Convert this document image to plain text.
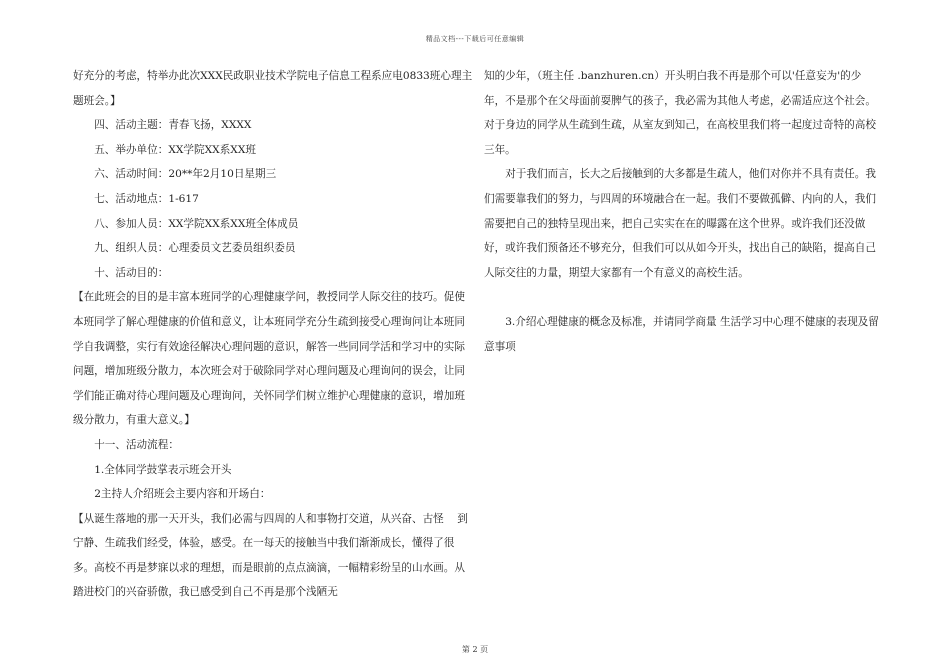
精品文档---下载后可任意编辑

好充分的考虑，特举办此次XXX民政职业技术学院电子信息工程系应电0833班心理主题班会。】

四、活动主题：青春飞扬，XXXX

五、举办单位：XX学院XX系XX班

六、活动时间：20**年2月10日星期三

七、活动地点：1-617

八、参加人员：XX学院XX系XX班全体成员

九、组织人员：心理委员文艺委员组织委员

十、活动目的：

【在此班会的目的是丰富本班同学的心理健康学问，教授同学人际交往的技巧。促使本班同学了解心理健康的价值和意义，让本班同学充分生疏到接受心理询问让本班同学自我调整，实行有效途径解决心理问题的意识，解答一些同同学活和学习中的实际问题，增加班级分散力，本次班会对于破除同学对心理问题及心理询问的误会，让同学们能正确对待心理问题及心理询问，关怀同学们树立维护心理健康的意识，增加班级分散力，有重大意义。】

十一、活动流程：

1.全体同学鼓掌表示班会开头

2主持人介绍班会主要内容和开场白：

【从诞生落地的那一天开头，我们必需与四周的人和事物打交道，从兴奋、古怪    到宁静、生疏我们经受，体验，感受。在一每天的接触当中我们渐渐成长，懂得了很多。高校不再是梦寐以求的理想，而是眼前的点点滴滴，一幅精彩纷呈的山水画。从踏进校门的兴奋骄傲，我已感受到自己不再是那个浅陋无

知的少年，（班主任 .banzhuren.cn）开头明白我不再是那个可以'任意妄为'的少年，不是那个在父母面前耍脾气的孩子，我必需为其他人考虑，必需适应这个社会。对于身边的同学从生疏到生疏，从室友到知己，在高校里我们将一起度过奇特的高校三年。

对于我们而言，长大之后接触到的大多都是生疏人，他们对你并不具有责任。我们需要靠我们的努力，与四周的环境融合在一起。我们不要做孤僻、内向的人，我们需要把自己的独特呈现出来，把自己实实在在的曝露在这个世界。或许我们还没做好，或许我们预备还不够充分，但我们可以从如今开头，找出自己的缺陷，提高自己人际交往的力量，期望大家都有一个有意义的高校生活。

3.介绍心理健康的概念及标准，并请同学商量 生活学习中心理不健康的表现及留意事项

第 2 页
